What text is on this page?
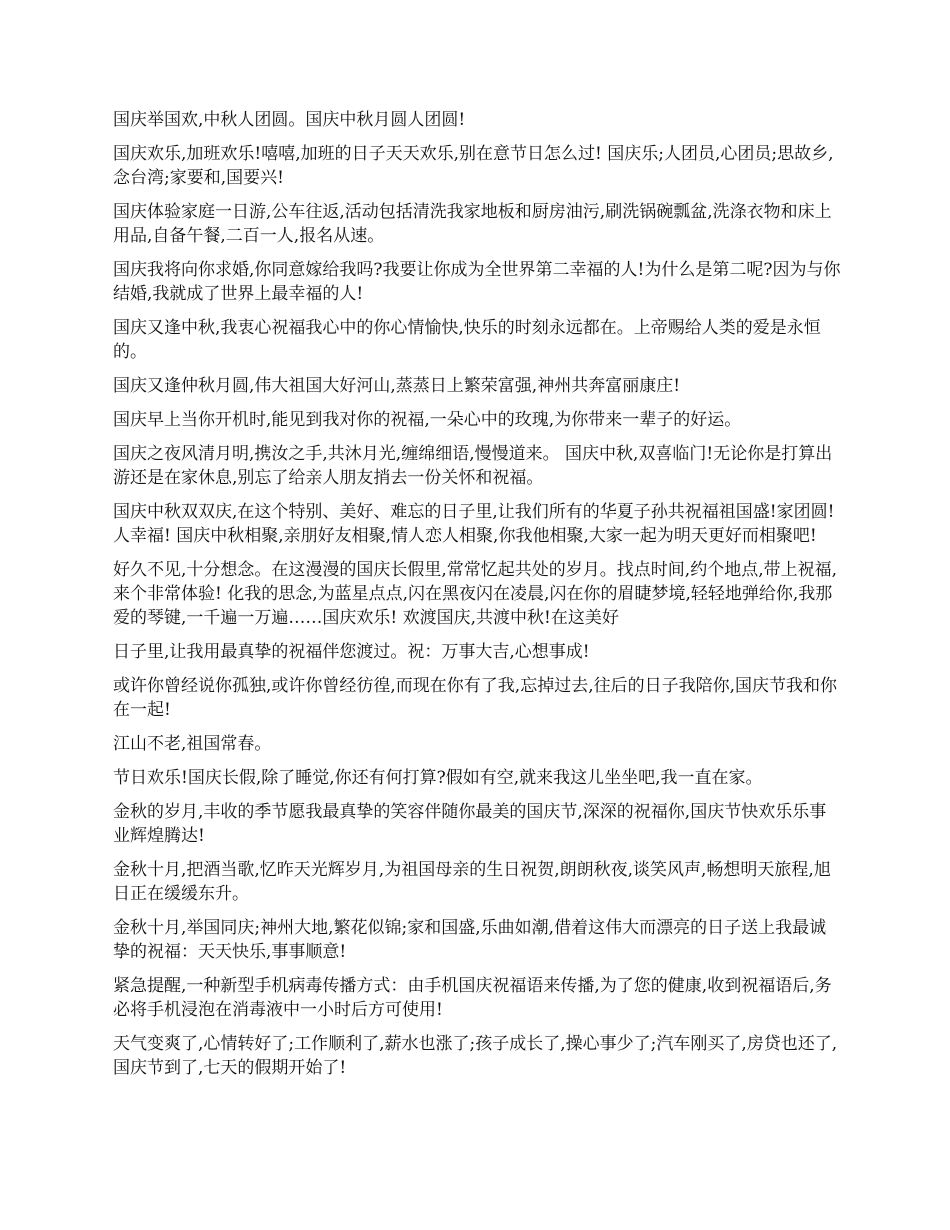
国庆举国欢,中秋人团圆。国庆中秋月圆人团圆!

国庆欢乐,加班欢乐!嘻嘻,加班的日子天天欢乐,别在意节日怎么过! 国庆乐;人团员,心团员;思故乡,念台湾;家要和,国要兴!

国庆体验家庭一日游,公车往返,活动包括清洗我家地板和厨房油污,刷洗锅碗瓢盆,洗涤衣物和床上用品,自备午餐,二百一人,报名从速。

国庆我将向你求婚,你同意嫁给我吗?我要让你成为全世界第二幸福的人!为什么是第二呢?因为与你结婚,我就成了世界上最幸福的人!

国庆又逢中秋,我衷心祝福我心中的你心情愉快,快乐的时刻永远都在。上帝赐给人类的爱是永恒的。

国庆又逢仲秋月圆,伟大祖国大好河山,蒸蒸日上繁荣富强,神州共奔富丽康庄!

国庆早上当你开机时,能见到我对你的祝福,一朵心中的玫瑰,为你带来一辈子的好运。

国庆之夜风清月明,携汝之手,共沐月光,缠绵细语,慢慢道来。 国庆中秋,双喜临门!无论你是打算出游还是在家休息,别忘了给亲人朋友捎去一份关怀和祝福。

国庆中秋双双庆,在这个特别、美好、难忘的日子里,让我们所有的华夏子孙共祝福祖国盛!家团圆!人幸福! 国庆中秋相聚,亲朋好友相聚,情人恋人相聚,你我他相聚,大家一起为明天更好而相聚吧!

好久不见,十分想念。在这漫漫的国庆长假里,常常忆起共处的岁月。找点时间,约个地点,带上祝福,来个非常体验! 化我的思念,为蓝星点点,闪在黑夜闪在凌晨,闪在你的眉睫梦境,轻轻地弹给你,我那爱的琴键,一千遍一万遍……国庆欢乐! 欢渡国庆,共渡中秋!在这美好

日子里,让我用最真挚的祝福伴您渡过。祝：万事大吉,心想事成!

或许你曾经说你孤独,或许你曾经彷徨,而现在你有了我,忘掉过去,往后的日子我陪你,国庆节我和你在一起!

江山不老,祖国常春。

节日欢乐!国庆长假,除了睡觉,你还有何打算?假如有空,就来我这儿坐坐吧,我一直在家。

金秋的岁月,丰收的季节愿我最真挚的笑容伴随你最美的国庆节,深深的祝福你,国庆节快欢乐乐事业辉煌腾达!

金秋十月,把酒当歌,忆昨天光辉岁月,为祖国母亲的生日祝贺,朗朗秋夜,谈笑风声,畅想明天旅程,旭日正在缓缓东升。

金秋十月,举国同庆;神州大地,繁花似锦;家和国盛,乐曲如潮,借着这伟大而漂亮的日子送上我最诚挚的祝福：天天快乐,事事顺意!

紧急提醒,一种新型手机病毒传播方式：由手机国庆祝福语来传播,为了您的健康,收到祝福语后,务必将手机浸泡在消毒液中一小时后方可使用!

天气变爽了,心情转好了;工作顺利了,薪水也涨了;孩子成长了,操心事少了;汽车刚买了,房贷也还了,国庆节到了,七天的假期开始了!
